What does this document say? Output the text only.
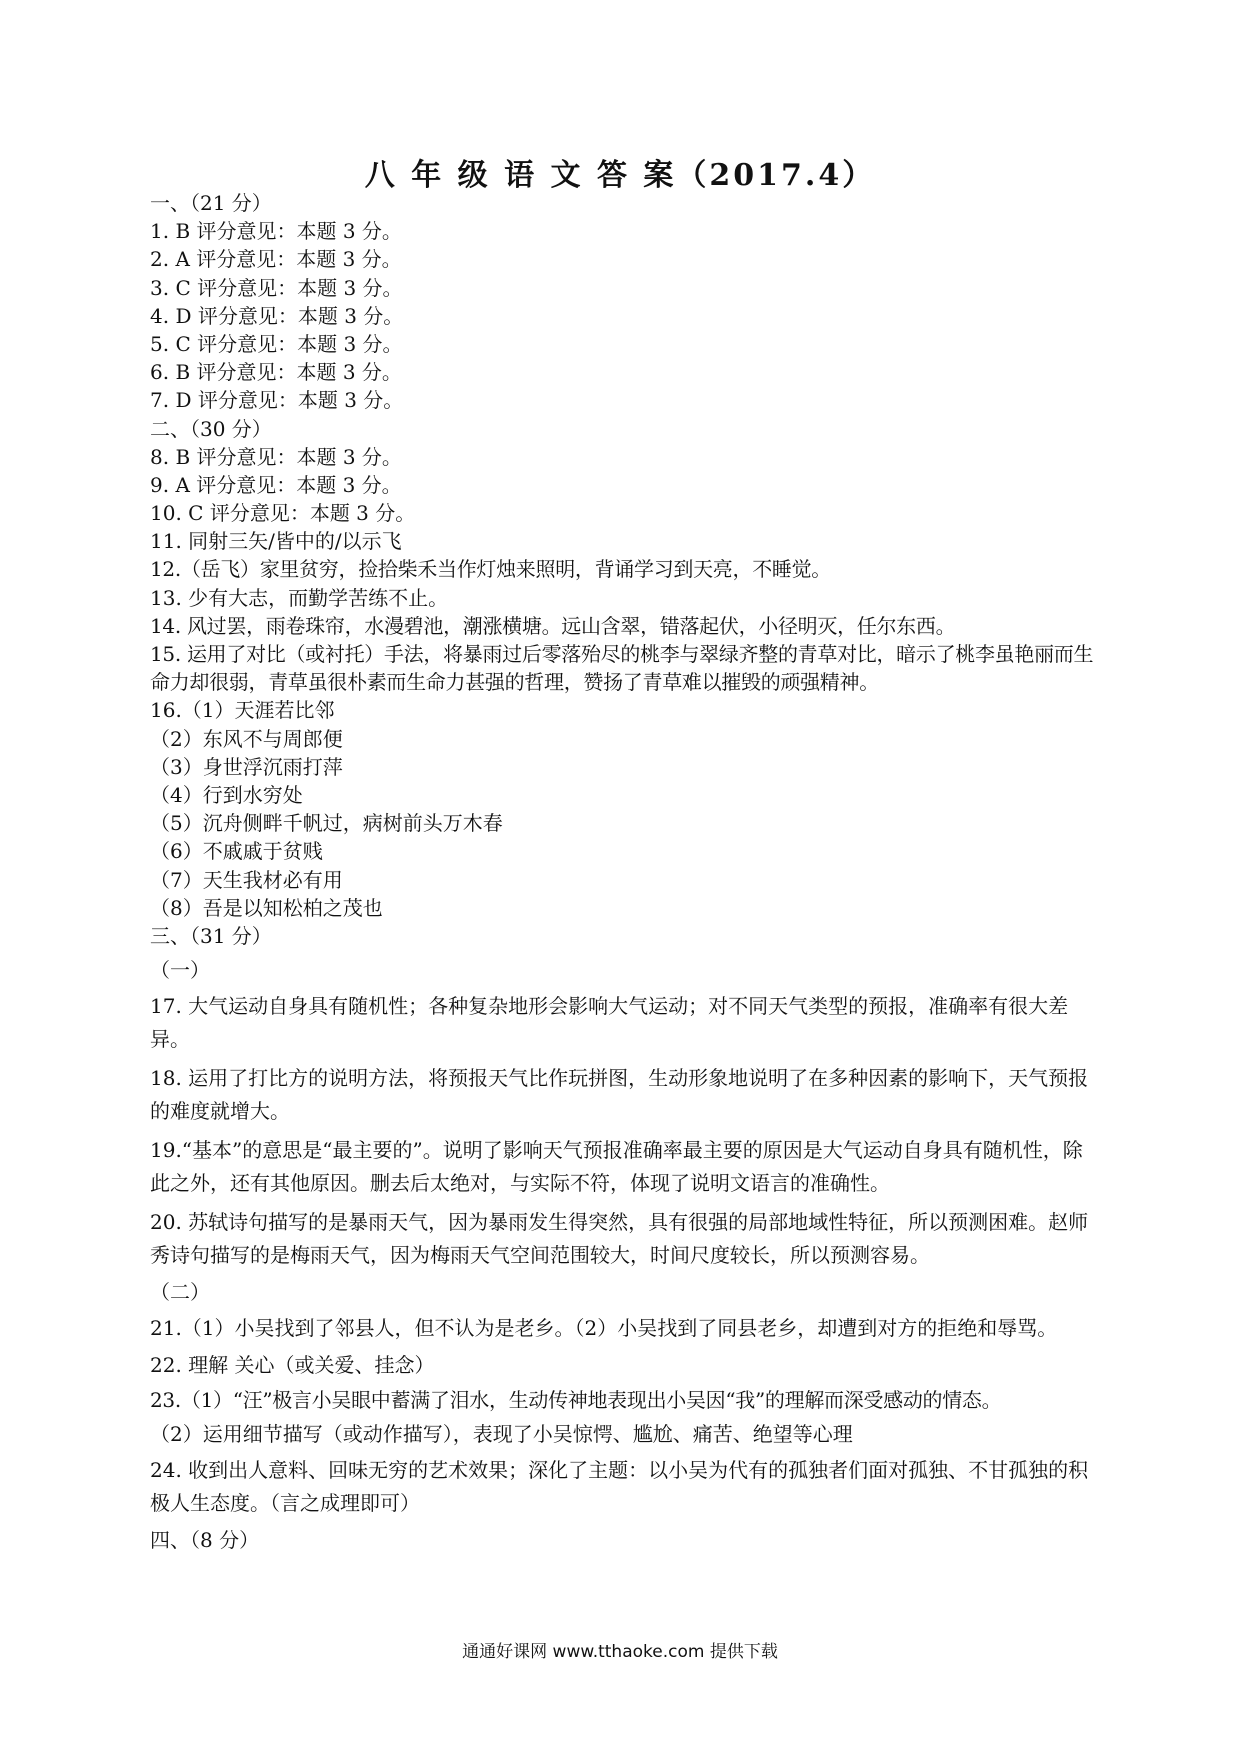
八 年 级 语 文 答 案（2017.4）
一、（21 分）
1. B 评分意见：本题 3 分。
2. A 评分意见：本题 3 分。
3. C 评分意见：本题 3 分。
4. D 评分意见：本题 3 分。
5. C 评分意见：本题 3 分。
6. B 评分意见：本题 3 分。
7. D 评分意见：本题 3 分。
二、（30 分）
8. B 评分意见：本题 3 分。
9. A 评分意见：本题 3 分。
10. C 评分意见：本题 3 分。
11. 同射三矢/皆中的/以示飞
12.（岳飞）家里贫穷，捡拾柴禾当作灯烛来照明，背诵学习到天亮，不睡觉。
13. 少有大志，而勤学苦练不止。
14. 风过罢，雨卷珠帘，水漫碧池，潮涨横塘。远山含翠，错落起伏，小径明灭，任尔东西。
15. 运用了对比（或衬托）手法，将暴雨过后零落殆尽的桃李与翠绿齐整的青草对比，暗示了桃李虽艳丽而生命力却很弱，青草虽很朴素而生命力甚强的哲理，赞扬了青草难以摧毁的顽强精神。
16.（1）天涯若比邻
（2）东风不与周郎便
（3）身世浮沉雨打萍
（4）行到水穷处
（5）沉舟侧畔千帆过，病树前头万木春
（6）不戚戚于贫贱
（7）天生我材必有用
（8）吾是以知松柏之茂也
三、（31 分）
（一）
17. 大气运动自身具有随机性；各种复杂地形会影响大气运动；对不同天气类型的预报，准确率有很大差异。
18. 运用了打比方的说明方法，将预报天气比作玩拼图，生动形象地说明了在多种因素的影响下，天气预报的难度就增大。
19.“基本”的意思是“最主要的”。说明了影响天气预报准确率最主要的原因是大气运动自身具有随机性，除此之外，还有其他原因。删去后太绝对，与实际不符，体现了说明文语言的准确性。
20. 苏轼诗句描写的是暴雨天气，因为暴雨发生得突然，具有很强的局部地域性特征，所以预测困难。赵师秀诗句描写的是梅雨天气，因为梅雨天气空间范围较大，时间尺度较长，所以预测容易。
（二）
21.（1）小吴找到了邻县人，但不认为是老乡。（2）小吴找到了同县老乡，却遭到对方的拒绝和辱骂。
22. 理解 关心（或关爱、挂念）
23.（1）“汪”极言小吴眼中蓄满了泪水，生动传神地表现出小吴因“我”的理解而深受感动的情态。
（2）运用细节描写（或动作描写），表现了小吴惊愕、尴尬、痛苦、绝望等心理
24. 收到出人意料、回味无穷的艺术效果；深化了主题：以小吴为代有的孤独者们面对孤独、不甘孤独的积极人生态度。（言之成理即可）
四、（8 分）
通通好课网 www.tthaoke.com 提供下载
